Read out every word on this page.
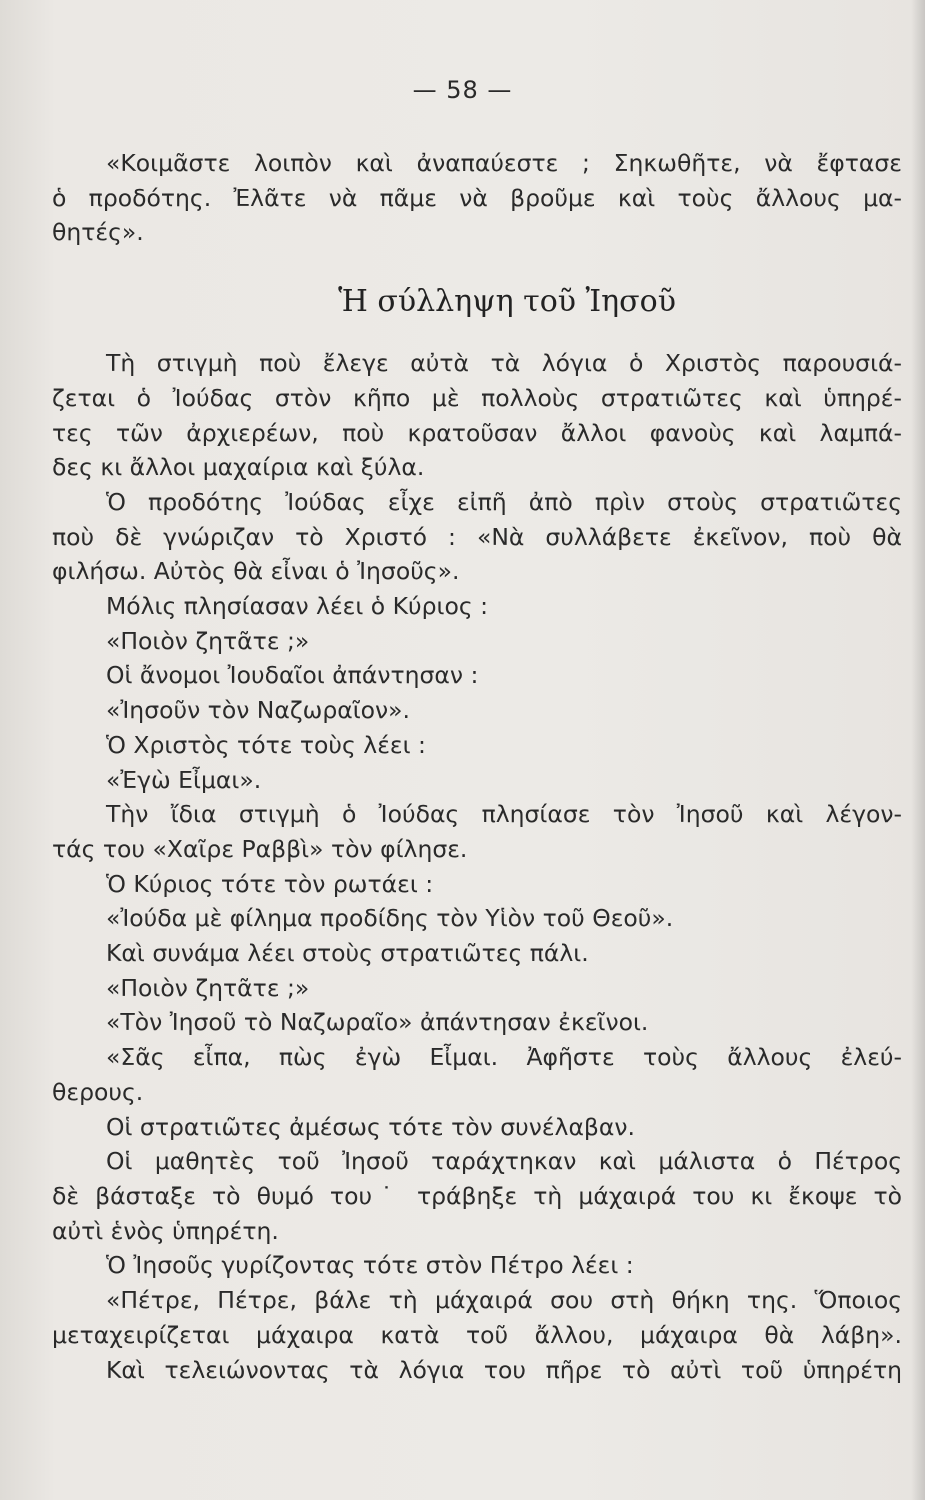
— 58 —
«Κοιμᾶστε λοιπὸν καὶ ἀναπαύεστε ; Σηκωθῆτε, νὰ ἔφτασε
ὁ προδότης. Ἐλᾶτε νὰ πᾶμε νὰ βροῦμε καὶ τοὺς ἄλλους μα-
θητές».
Ἡ σύλληψη τοῦ Ἰησοῦ
Τὴ στιγμὴ ποὺ ἔλεγε αὐτὰ τὰ λόγια ὁ Χριστὸς παρουσιά-
ζεται ὁ Ἰούδας στὸν κῆπο μὲ πολλοὺς στρατιῶτες καὶ ὑπηρέ-
τες τῶν ἀρχιερέων, ποὺ κρατοῦσαν ἄλλοι φανοὺς καὶ λαμπά-
δες κι ἄλλοι μαχαίρια καὶ ξύλα.
Ὁ προδότης Ἰούδας εἶχε εἰπῆ ἀπὸ πρὶν στοὺς στρατιῶτες
ποὺ δὲ γνώριζαν τὸ Χριστό : «Νὰ συλλάβετε ἐκεῖνον, ποὺ θὰ
φιλήσω. Αὐτὸς θὰ εἶναι ὁ Ἰησοῦς».
Μόλις πλησίασαν λέει ὁ Κύριος :
«Ποιὸν ζητᾶτε ;»
Οἱ ἄνομοι Ἰουδαῖοι ἀπάντησαν :
«Ἰησοῦν τὸν Ναζωραῖον».
Ὁ Χριστὸς τότε τοὺς λέει :
«Ἐγὼ Εἶμαι».
Τὴν ἴδια στιγμὴ ὁ Ἰούδας πλησίασε τὸν Ἰησοῦ καὶ λέγον-
τάς του «Χαῖρε Ραββὶ» τὸν φίλησε.
Ὁ Κύριος τότε τὸν ρωτάει :
«Ἰούδα μὲ φίλημα προδίδης τὸν Υἱὸν τοῦ Θεοῦ».
Καὶ συνάμα λέει στοὺς στρατιῶτες πάλι.
«Ποιὸν ζητᾶτε ;»
«Τὸν Ἰησοῦ τὸ Ναζωραῖο» ἀπάντησαν ἐκεῖνοι.
«Σᾶς εἶπα, πὼς ἐγὼ Εἶμαι. Ἀφῆστε τοὺς ἄλλους ἐλεύ-
θερους.
Οἱ στρατιῶτες ἀμέσως τότε τὸν συνέλαβαν.
Οἱ μαθητὲς τοῦ Ἰησοῦ ταράχτηκαν καὶ μάλιστα ὁ Πέτρος
δὲ βάσταξε τὸ θυμό του˙ τράβηξε τὴ μάχαιρά του κι ἔκοψε τὸ
αὐτὶ ἑνὸς ὑπηρέτη.
Ὁ Ἰησοῦς γυρίζοντας τότε στὸν Πέτρο λέει :
«Πέτρε, Πέτρε, βάλε τὴ μάχαιρά σου στὴ θήκη της. Ὅποιος
μεταχειρίζεται μάχαιρα κατὰ τοῦ ἄλλου, μάχαιρα θὰ λάβη».
Καὶ τελειώνοντας τὰ λόγια του πῆρε τὸ αὐτὶ τοῦ ὑπηρέτη
